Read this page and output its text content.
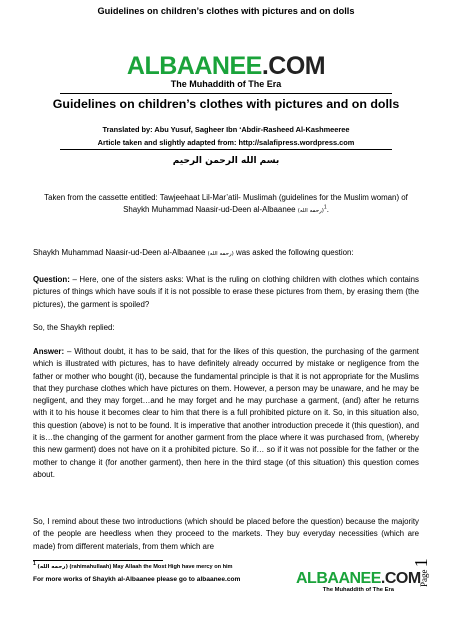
Guidelines on children’s clothes with pictures and on dolls
ALBAANEE.COM
The Muhaddith of The Era
Guidelines on children’s clothes with pictures and on dolls
Translated by: Abu Yusuf, Sagheer Ibn ‘Abdir-Rasheed Al-Kashmeeree
Article taken and slightly adapted from: http://salafipress.wordpress.com
بسم الله الرحمن الرحيم
Taken from the cassette entitled: Tawjeehaat Lil-Mar’atil- Muslimah (guidelines for the Muslim woman) of Shaykh Muhammad Naasir-ud-Deen al-Albaanee (رحمه الله)$^1$.
Shaykh Muhammad Naasir-ud-Deen al-Albaanee (رحمه الله) was asked the following question:
Question: – Here, one of the sisters asks: What is the ruling on clothing children with clothes which contains pictures of things which have souls if it is not possible to erase these pictures from them, by erasing them (the pictures), the garment is spoiled?
So, the Shaykh replied:
Answer: – Without doubt, it has to be said, that for the likes of this question, the purchasing of the garment which is illustrated with pictures, has to have definitely already occurred by mistake or negligence from the father or mother who bought (it), because the fundamental principle is that it is not appropriate for the Muslims that they purchase clothes which have pictures on them. However, a person may be unaware, and he may be negligent, and they may forget…and he may forget and he may purchase a garment, (and) after he returns with it to his house it becomes clear to him that there is a full prohibited picture on it. So, in this situation also, this question (above) is not to be found. It is imperative that another introduction precede it (this question), and it is…the changing of the garment for another garment from the place where it was purchased from, (whereby this new garment) does not have on it a prohibited picture. So if… so if it was not possible for the father or the mother to change it (for another garment), then here in the third stage (of this situation) this question comes about.
So, I remind about these two introductions (which should be placed before the question) because the majority of the people are heedless when they proceed to the markets. They buy everyday necessities (which are made) from different materials, from them which are
$^1$ (رحمه الله) (rahimahullaah) May Allaah the Most High have mercy on him
For more works of Shaykh al-Albaanee please go to albaanee.com	ALBAANEE.COM
The Muhaddith of The Era
Page 1
